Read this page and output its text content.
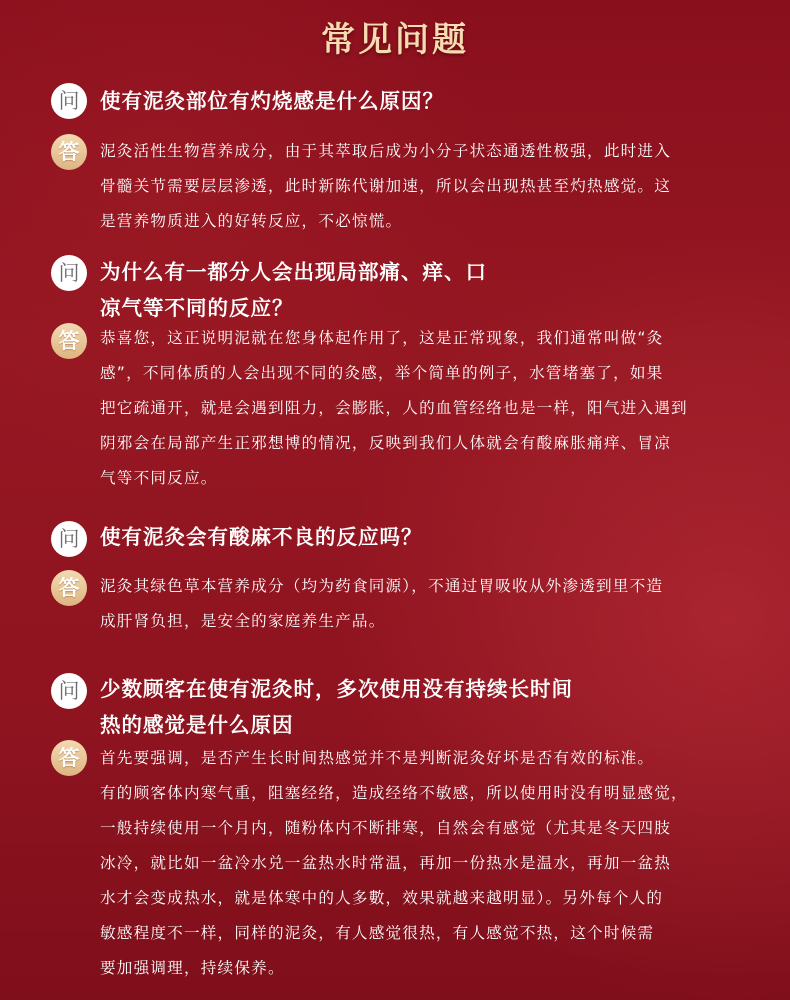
常见问题
问	使有泥灸部位有灼烧感是什么原因？
答	泥灸活性生物营养成分，由于其萃取后成为小分子状态通透性极强，此时进入
骨髓关节需要层层渗透，此时新陈代谢加速，所以会出现热甚至灼热感觉。这
是营养物质进入的好转反应，不必惊慌。
问	为什么有一都分人会出现局部痛、痒、口
凉气等不同的反应？
答	恭喜您，这正说明泥就在您身体起作用了，这是正常现象，我们通常叫做“灸
感”，不同体质的人会出现不同的灸感，举个简单的例子，水管堵塞了，如果
把它疏通开，就是会遇到阻力，会膨胀，人的血管经络也是一样，阳气进入遇到
阴邪会在局部产生正邪想博的情况，反映到我们人体就会有酸麻胀痛痒、冒凉
气等不同反应。
问	使有泥灸会有酸麻不良的反应吗？
答	泥灸其绿色草本营养成分（均为药食同源），不通过胃吸收从外渗透到里不造
成肝肾负担，是安全的家庭养生产品。
问	少数顾客在使有泥灸时，多次使用没有持续长时间
热的感觉是什么原因
答	首先要强调，是否产生长时间热感觉并不是判断泥灸好坏是否有效的标准。
有的顾客体内寒气重，阻塞经络，造成经络不敏感，所以使用时没有明显感觉，
一般持续使用一个月内，随粉体内不断排寒，自然会有感觉（尤其是冬天四肢
冰冷，就比如一盆冷水兑一盆热水时常温，再加一份热水是温水，再加一盆热
水才会变成热水，就是体寒中的人多數，效果就越来越明显）。另外每个人的
敏感程度不一样，同样的泥灸，有人感觉很热，有人感觉不热，这个时候需
要加强调理，持续保养。
